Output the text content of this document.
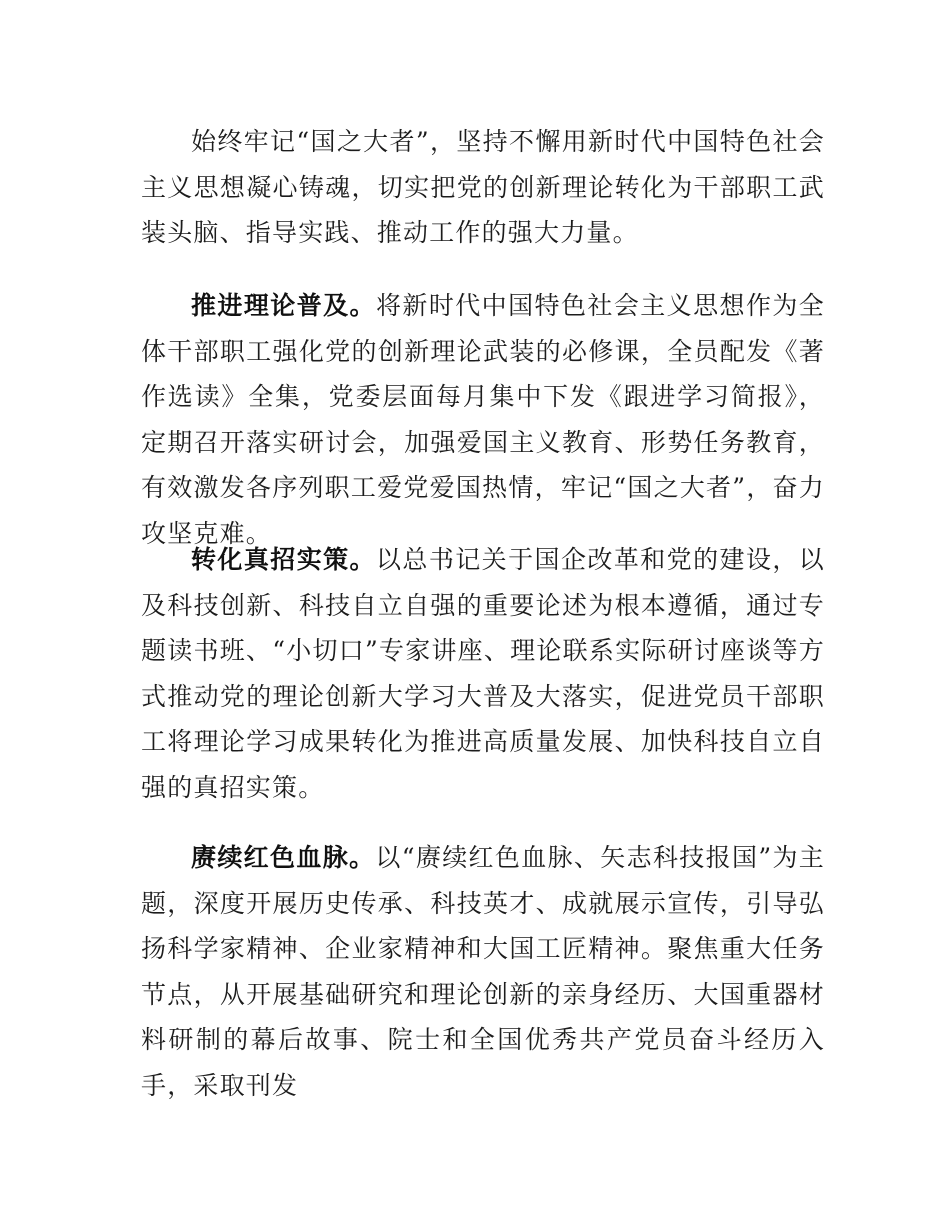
始终牢记“国之大者”，坚持不懈用新时代中国特色社会主义思想凝心铸魂，切实把党的创新理论转化为干部职工武装头脑、指导实践、推动工作的强大力量。

推进理论普及。将新时代中国特色社会主义思想作为全体干部职工强化党的创新理论武装的必修课，全员配发《著作选读》全集，党委层面每月集中下发《跟进学习简报》，定期召开落实研讨会，加强爱国主义教育、形势任务教育，有效激发各序列职工爱党爱国热情，牢记“国之大者”，奋力攻坚克难。

转化真招实策。以总书记关于国企改革和党的建设，以及科技创新、科技自立自强的重要论述为根本遵循，通过专题读书班、“小切口”专家讲座、理论联系实际研讨座谈等方式推动党的理论创新大学习大普及大落实，促进党员干部职工将理论学习成果转化为推进高质量发展、加快科技自立自强的真招实策。

赓续红色血脉。以“赓续红色血脉、矢志科技报国”为主题，深度开展历史传承、科技英才、成就展示宣传，引导弘扬科学家精神、企业家精神和大国工匠精神。聚焦重大任务节点，从开展基础研究和理论创新的亲身经历、大国重器材料研制的幕后故事、院士和全国优秀共产党员奋斗经历入手，采取刊发
